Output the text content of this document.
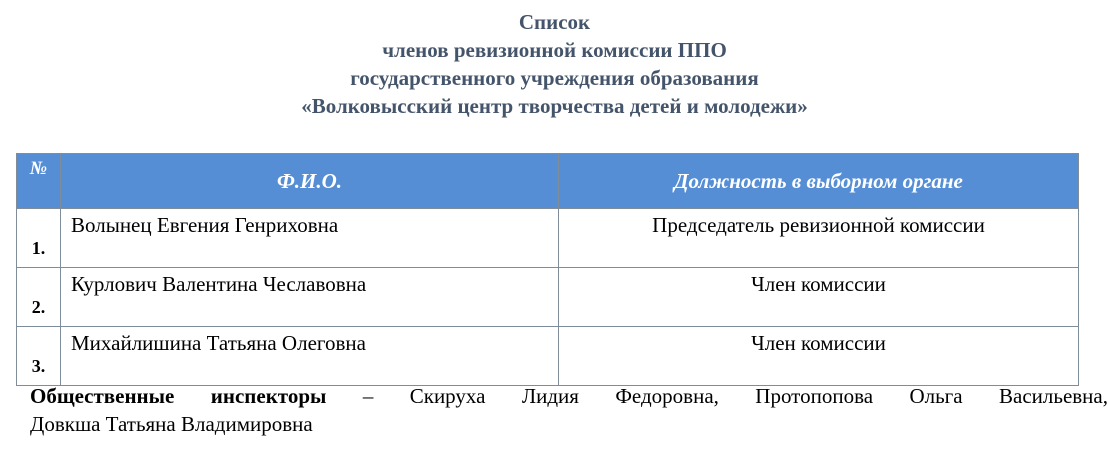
Список
членов ревизионной комиссии ППО
государственного учреждения образования
«Волковысский центр творчества детей и молодежи»
№	Ф.И.О.	Должность в выборном органе
1.	Волынец Евгения Генриховна	Председатель ревизионной комиссии
2.	Курлович Валентина Чеславовна	Член комиссии
3.	Михайлишина Татьяна Олеговна	Член комиссии
Общественные инспекторы – Скируха Лидия Федоровна, Протопопова Ольга Васильевна,
Довкша Татьяна Владимировна
